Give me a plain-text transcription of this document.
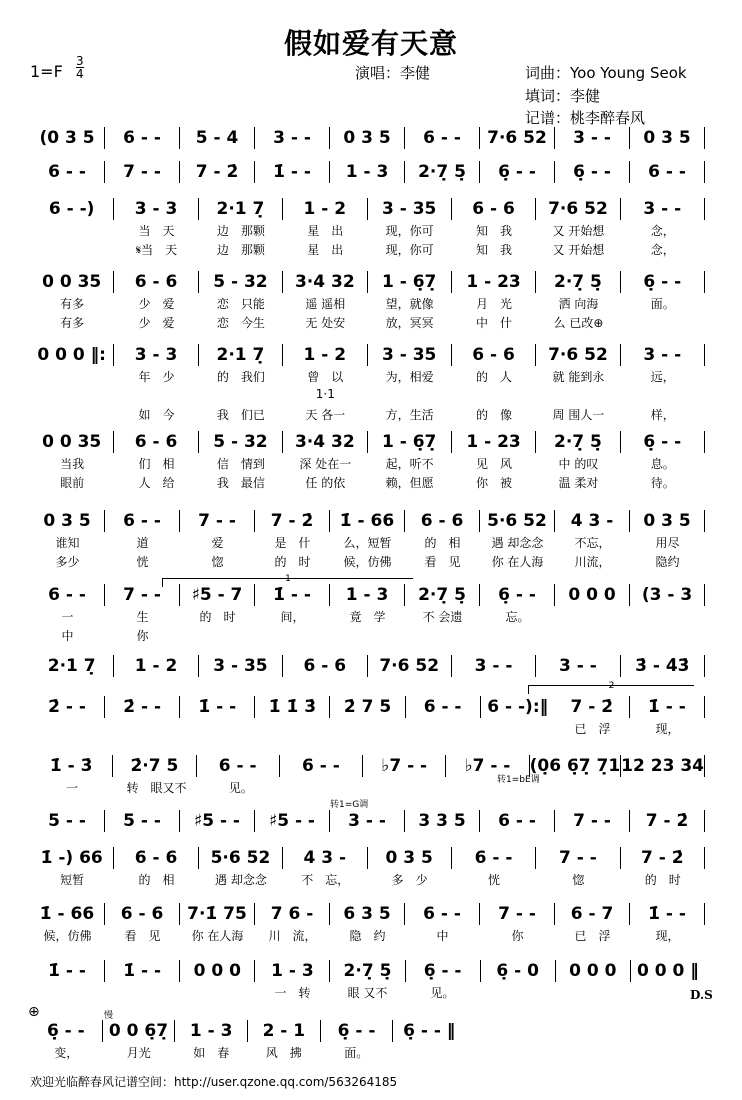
假如爱有天意
1=F
3
4	演唱：李健	词曲：Yoo Young Seok
填词：李健
记谱：桃李醉春风
(0 3 5	6 - -	5 - 4	3 - -	0 3 5	6 - -	7·6 52	3 - -	0 3 5
6 - -	7 - -	7 - 2̇	1̇ - -	1 - 3	2·7̣ 5̣	6̣ - -	6̣ - -	6 - -
6 - -)	3 - 3	2·1 7̣	1 - 2	3 - 35	6 - 6	7·6 52	3 - -
当　天	边　那颗	星　出	现，你可	知　我	又 开始想	念，
𝄋当　天	边　那颗	星　出	现，你可	知　我	又 开始想	念，
0 0 35	6 - 6	5 - 32	3·4 32	1 - 6̣7̣	1 - 23	2·7̣ 5̣	6̣ - -
有多	少　爱	恋　只能	遥 遥相	望，就像	月　光	洒 向海	面。
有多	少　爱	恋　今生	无 处安	放，冥冥	中　什	么 已改⊕
0 0 0 ‖:	3 - 3	2·1 7̣	1 - 2	3 - 35	6 - 6	7·6 52	3 - -
年　少	的　我们	曾　以	为，相爱	的　人	就 能到永	远，
1·1
如　今	我　们已	天 各一	方，生活	的　像	周 围人一	样，
0 0 35	6 - 6	5 - 32	3·4 32	1 - 6̣7̣	1 - 23	2·7̣ 5̣	6̣ - -
当我	们　相	信　情到	深 处在一	起，听不	见　风	中 的叹	息。
眼前	人　给	我　最信	任 的依	赖，但愿	你　被	温 柔对	待。
0 3 5	6 - -	7 - -	7 - 2̇	1̇ - 66	6 - 6	5·6 52	4 3 -	0 3 5
谁知	道	爱	是　什	么，短暂	的　相	遇 却念念	不忘，	用尽
多少	恍	惚	的　时	候，仿佛	看　见	你 在人海	川流，	隐约
6 - -	7 - -	♯5 - 7	1̇ - -	1 - 3	2·7̣ 5̣	6̣ - -	0 0 0	(3 - 3
一	生	的　时	间，	竟　学	不 会遗	忘。
中	你
2·1 7̣	1 - 2	3 - 35	6 - 6	7·6 52	3 - -	3 - -	3̇ - 4̇3̇
2̇ - -	2̇ - -	1̇ - -	1̇ 1̇ 3̇	2̇ 7 5	6 - -	6 - -):‖	7 - 2̇	1̇ - -
已　浮	现，
1̇ - 3̇	2̇·7 5	6 - -	6 - -	♭7 - -	♭7 - -	(0̣6 6̣7̣ 7̣1 12 23 34
一	转　眼又不	见。
5 - -	5 - -	♯5 - -	♯5 - -	3 - -	3 3 5	6 - -	7 - -	7 - 2̇
1̇ -) 66	6 - 6	5·6 52	4 3 -	0 3 5	6 - -	7 - -	7 - 2̇
短暂	的　相	遇 却念念	不　忘，	多　少	恍	惚	的　时
1̇ - 66	6 - 6	7·1̇ 75	7 6 -	6 3 5	6 - -	7 - -	6 - 7	1̇ - -
候，仿佛	看　见	你 在人海	川　流，	隐　约	中	你	已　浮	现，
1̇ - -	1̇ - -	0 0 0	1 - 3	2·7̣ 5̣	6̣ - -	6̣ - 0	0 0 0	0 0 0 ‖
一　转	眼 又不	见。
6̣ - -	0 0 6̣7̣	1 - 3	2 - 1	6̣ - -	6̣ - - ‖
变，	月光	如　春	风　拂	面。
转1=bE调
转1=G调
慢
⊕
D.S
1
2
欢迎光临醉春风记谱空间：http://user.qzone.qq.com/563264185
